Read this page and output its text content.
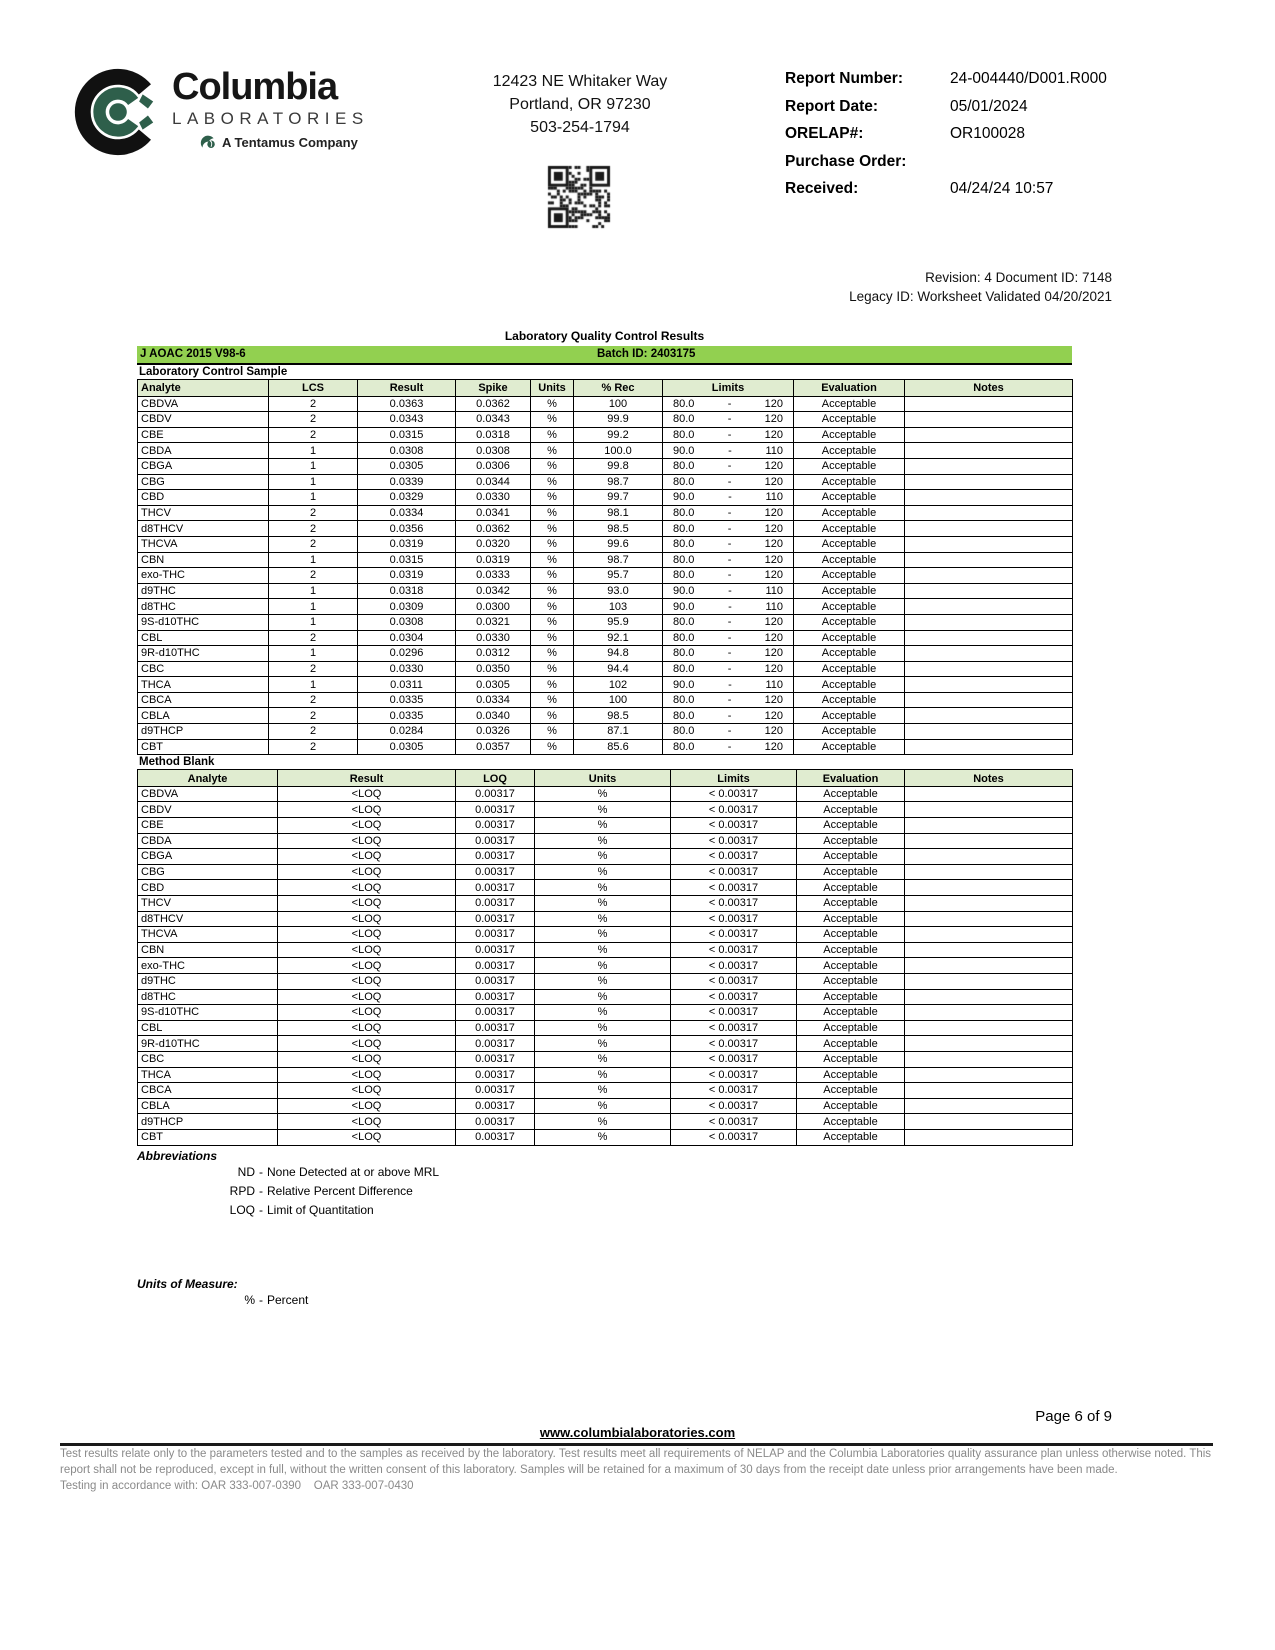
Columbia
LABORATORIES
A Tentamus Company
12423 NE Whitaker Way
Portland, OR 97230
503-254-1794
Report Number:	24-004440/D001.R000
Report Date:	05/01/2024
ORELAP#:	OR100028
Purchase Order:
Received:	04/24/24 10:57
Revision: 4 Document ID: 7148
Legacy ID: Worksheet Validated 04/20/2021
Laboratory Quality Control Results
J AOAC 2015 V98-6	Batch ID: 2403175
Laboratory Control Sample
Analyte	LCS	Result	Spike	Units	% Rec	Limits	Evaluation	Notes
CBDVA	2	0.0363	0.0362	%	100	80.0 - 120	Acceptable	
CBDV	2	0.0343	0.0343	%	99.9	80.0 - 120	Acceptable	
CBE	2	0.0315	0.0318	%	99.2	80.0 - 120	Acceptable	
CBDA	1	0.0308	0.0308	%	100.0	90.0 - 110	Acceptable	
CBGA	1	0.0305	0.0306	%	99.8	80.0 - 120	Acceptable	
CBG	1	0.0339	0.0344	%	98.7	80.0 - 120	Acceptable	
CBD	1	0.0329	0.0330	%	99.7	90.0 - 110	Acceptable	
THCV	2	0.0334	0.0341	%	98.1	80.0 - 120	Acceptable	
d8THCV	2	0.0356	0.0362	%	98.5	80.0 - 120	Acceptable	
THCVA	2	0.0319	0.0320	%	99.6	80.0 - 120	Acceptable	
CBN	1	0.0315	0.0319	%	98.7	80.0 - 120	Acceptable	
exo-THC	2	0.0319	0.0333	%	95.7	80.0 - 120	Acceptable	
d9THC	1	0.0318	0.0342	%	93.0	90.0 - 110	Acceptable	
d8THC	1	0.0309	0.0300	%	103	90.0 - 110	Acceptable	
9S-d10THC	1	0.0308	0.0321	%	95.9	80.0 - 120	Acceptable	
CBL	2	0.0304	0.0330	%	92.1	80.0 - 120	Acceptable	
9R-d10THC	1	0.0296	0.0312	%	94.8	80.0 - 120	Acceptable	
CBC	2	0.0330	0.0350	%	94.4	80.0 - 120	Acceptable	
THCA	1	0.0311	0.0305	%	102	90.0 - 110	Acceptable	
CBCA	2	0.0335	0.0334	%	100	80.0 - 120	Acceptable	
CBLA	2	0.0335	0.0340	%	98.5	80.0 - 120	Acceptable	
d9THCP	2	0.0284	0.0326	%	87.1	80.0 - 120	Acceptable	
CBT	2	0.0305	0.0357	%	85.6	80.0 - 120	Acceptable	
Method Blank
Analyte	Result	LOQ	Units	Limits	Evaluation	Notes
CBDVA	<LOQ	0.00317	%	< 0.00317	Acceptable	
CBDV	<LOQ	0.00317	%	< 0.00317	Acceptable	
CBE	<LOQ	0.00317	%	< 0.00317	Acceptable	
CBDA	<LOQ	0.00317	%	< 0.00317	Acceptable	
CBGA	<LOQ	0.00317	%	< 0.00317	Acceptable	
CBG	<LOQ	0.00317	%	< 0.00317	Acceptable	
CBD	<LOQ	0.00317	%	< 0.00317	Acceptable	
THCV	<LOQ	0.00317	%	< 0.00317	Acceptable	
d8THCV	<LOQ	0.00317	%	< 0.00317	Acceptable	
THCVA	<LOQ	0.00317	%	< 0.00317	Acceptable	
CBN	<LOQ	0.00317	%	< 0.00317	Acceptable	
exo-THC	<LOQ	0.00317	%	< 0.00317	Acceptable	
d9THC	<LOQ	0.00317	%	< 0.00317	Acceptable	
d8THC	<LOQ	0.00317	%	< 0.00317	Acceptable	
9S-d10THC	<LOQ	0.00317	%	< 0.00317	Acceptable	
CBL	<LOQ	0.00317	%	< 0.00317	Acceptable	
9R-d10THC	<LOQ	0.00317	%	< 0.00317	Acceptable	
CBC	<LOQ	0.00317	%	< 0.00317	Acceptable	
THCA	<LOQ	0.00317	%	< 0.00317	Acceptable	
CBCA	<LOQ	0.00317	%	< 0.00317	Acceptable	
CBLA	<LOQ	0.00317	%	< 0.00317	Acceptable	
d9THCP	<LOQ	0.00317	%	< 0.00317	Acceptable	
CBT	<LOQ	0.00317	%	< 0.00317	Acceptable	
Abbreviations
ND - None Detected at or above MRL
RPD - Relative Percent Difference
LOQ - Limit of Quantitation
Units of Measure:
% - Percent
Page 6 of 9
www.columbialaboratories.com
Test results relate only to the parameters tested and to the samples as received by the laboratory. Test results meet all requirements of NELAP and the Columbia Laboratories quality assurance plan unless otherwise noted. This report shall not be reproduced, except in full, without the written consent of this laboratory. Samples will be retained for a maximum of 30 days from the receipt date unless prior arrangements have been made.
Testing in accordance with: OAR 333-007-0390    OAR 333-007-0430
